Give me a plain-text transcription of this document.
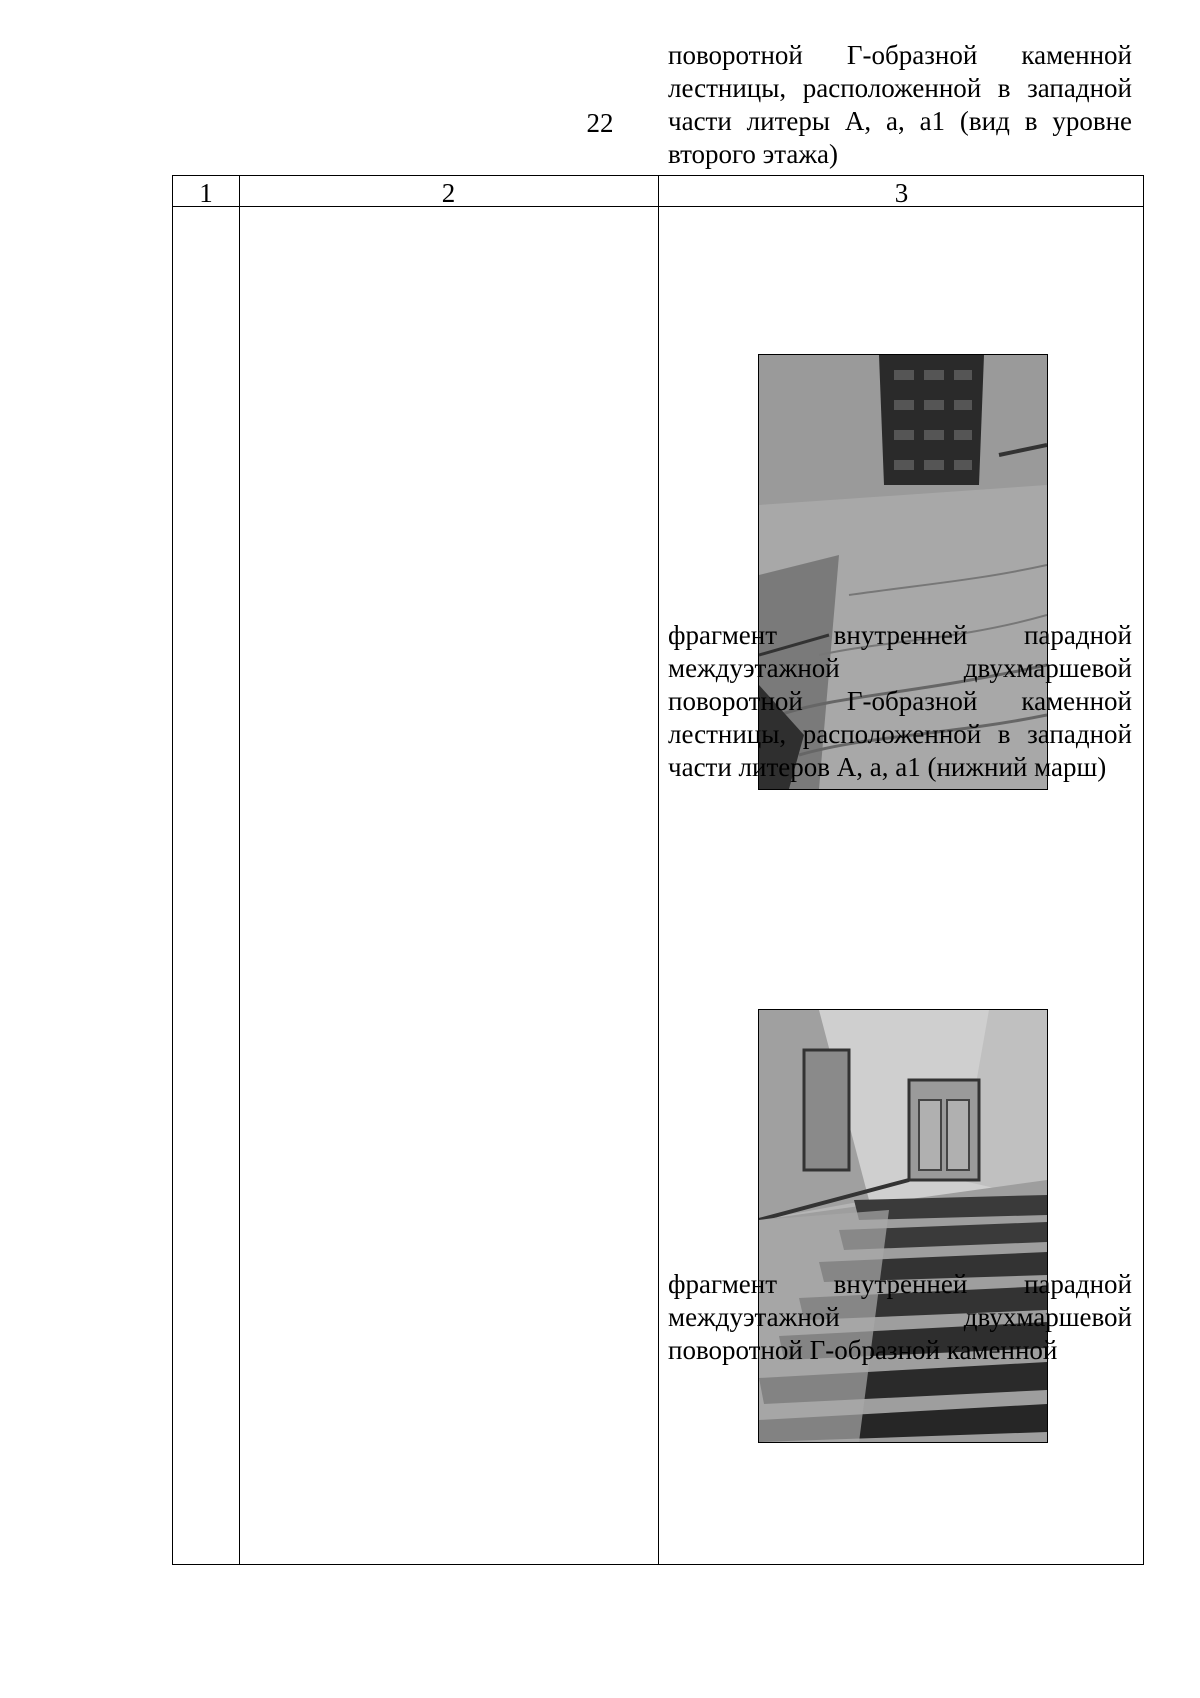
22
1	2	3

поворотной Г-образной каменной лестницы, расположенной в западной части литеры А, а, а1 (вид в уровне второго этажа)

фрагмент внутренней парадной междуэтажной двухмаршевой поворотной Г-образной каменной лестницы, расположенной в западной части литеров А, а, а1 (нижний марш)

фрагмент внутренней парадной междуэтажной двухмаршевой поворотной Г-образной каменной
